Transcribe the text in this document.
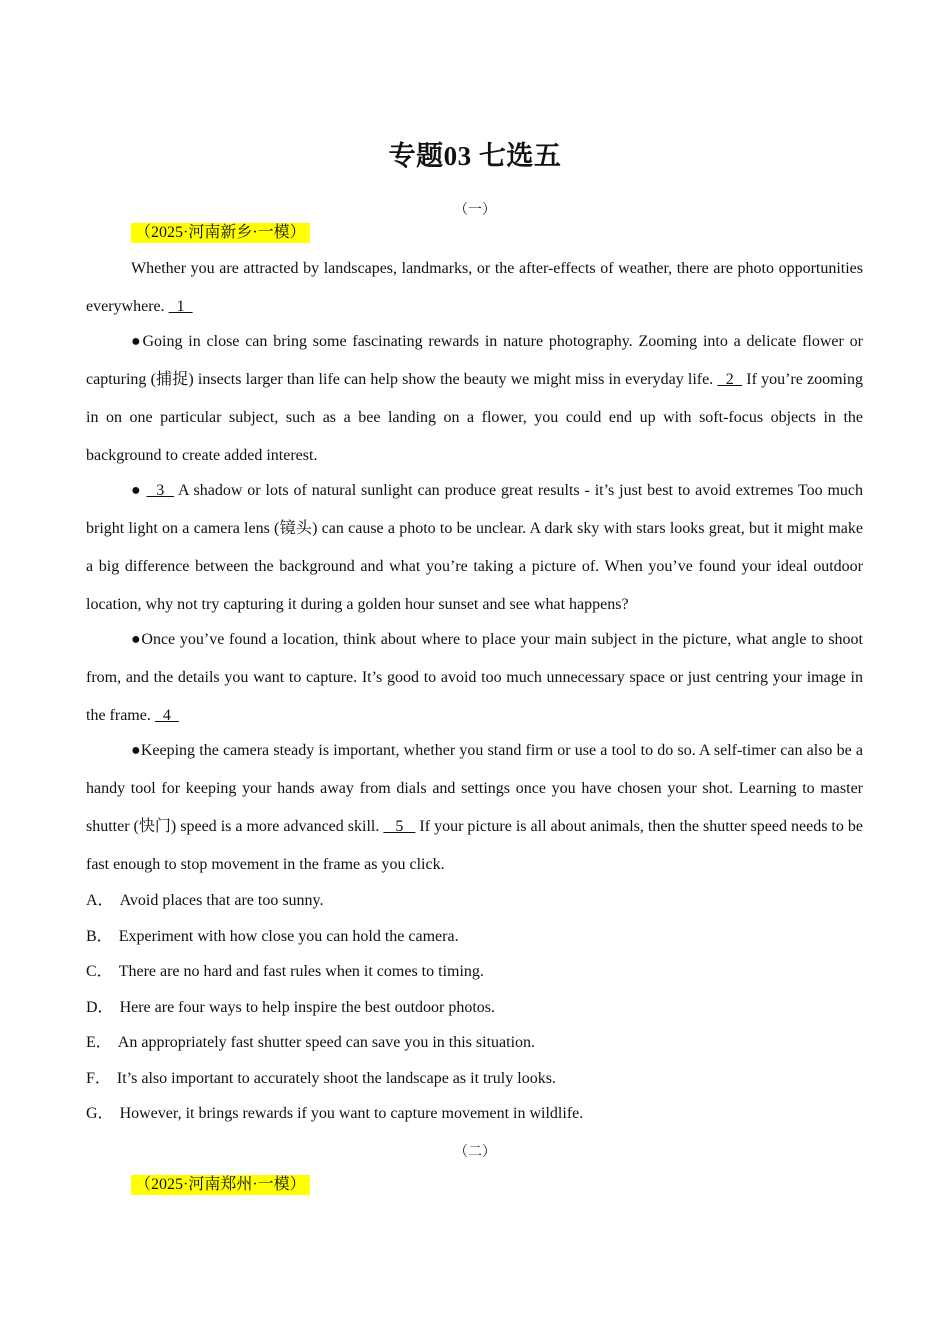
专题03 七选五
（一）
（2025·河南新乡·一模）

Whether you are attracted by landscapes, landmarks, or the after-effects of weather, there are photo opportunities everywhere.   1

●Going in close can bring some fascinating rewards in nature photography. Zooming into a delicate flower or capturing (捕捉) insects larger than life can help show the beauty we might miss in everyday life.   2   If you’re zooming in on one particular subject, such as a bee landing on a flower, you could end up with soft-focus objects in the background to create added interest.

●   3   A shadow or lots of natural sunlight can produce great results - it’s just best to avoid extremes Too much bright light on a camera lens (镜头) can cause a photo to be unclear. A dark sky with stars looks great, but it might make a big difference between the background and what you’re taking a picture of. When you’ve found your ideal outdoor location, why not try capturing it during a golden hour sunset and see what happens?

●Once you’ve found a location, think about where to place your main subject in the picture, what angle to shoot from, and the details you want to capture. It’s good to avoid too much unnecessary space or just centring your image in the frame.   4

●Keeping the camera steady is important, whether you stand firm or use a tool to do so. A self-timer can also be a handy tool for keeping your hands away from dials and settings once you have chosen your shot. Learning to master shutter (快门) speed is a more advanced skill.    5    If your picture is all about animals, then the shutter speed needs to be fast enough to stop movement in the frame as you click.

A． Avoid places that are too sunny.
B． Experiment with how close you can hold the camera.
C． There are no hard and fast rules when it comes to timing.
D． Here are four ways to help inspire the best outdoor photos.
E． An appropriately fast shutter speed can save you in this situation.
F． It’s also important to accurately shoot the landscape as it truly looks.
G． However, it brings rewards if you want to capture movement in wildlife.
（二）
（2025·河南郑州·一模）
